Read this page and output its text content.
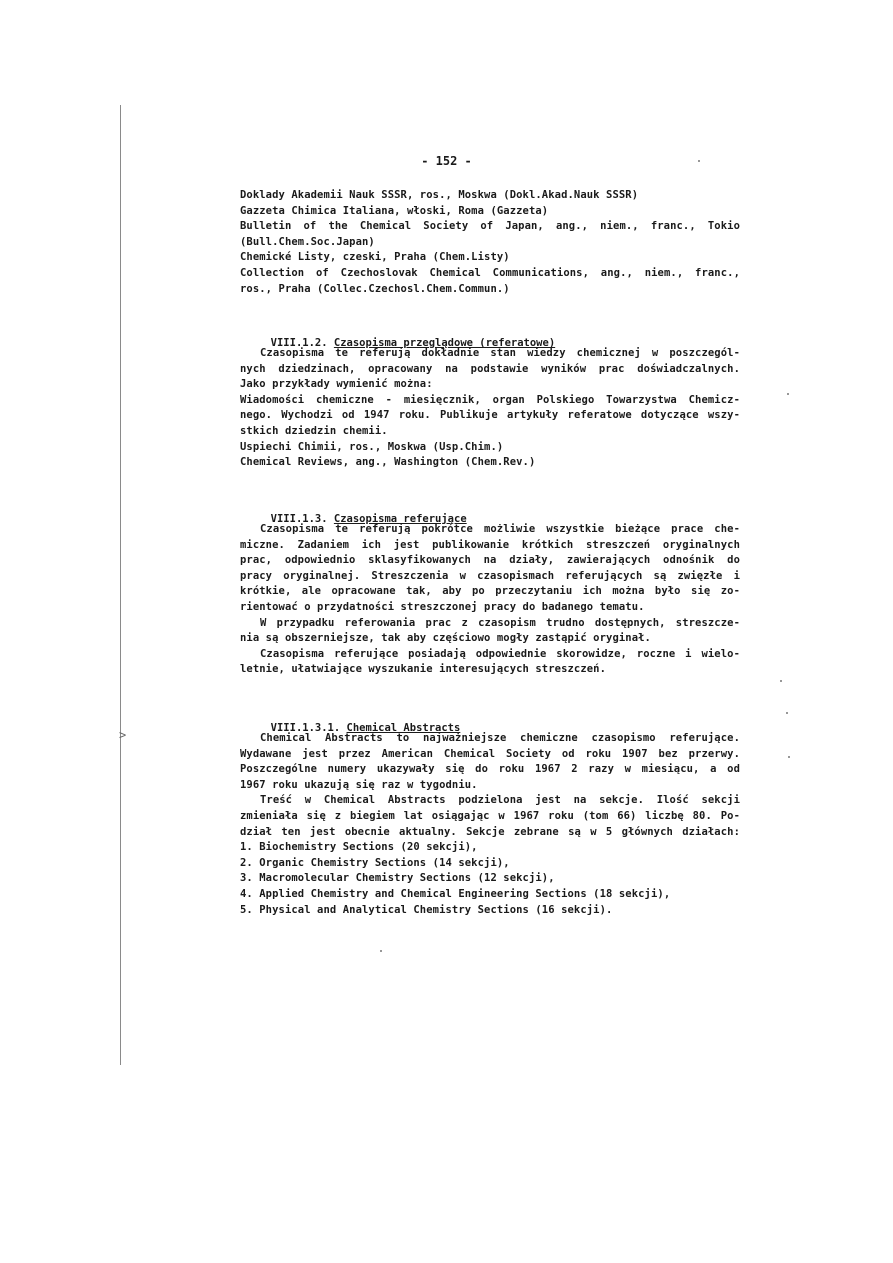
>
- 152 -
Doklady Akademii Nauk SSSR, ros., Moskwa (Dokl.Akad.Nauk SSSR)
Gazzeta Chimica Italiana, włoski, Roma (Gazzeta)
Bulletin of the Chemical Society of Japan, ang., niem., franc., Tokio
(Bull.Chem.Soc.Japan)
Chemické Listy, czeski, Praha (Chem.Listy)
Collection of Czechoslovak Chemical Communications, ang., niem., franc.,
ros., Praha (Collec.Czechosl.Chem.Commun.)

VIII.1.2. Czasopisma przeglądowe (referatowe)

Czasopisma te referują dokładnie stan wiedzy chemicznej w poszczegól-
nych dziedzinach, opracowany na podstawie wyników prac doświadczalnych.
Jako przykłady wymienić można:
Wiadomości chemiczne - miesięcznik, organ Polskiego Towarzystwa Chemicz-
nego. Wychodzi od 1947 roku. Publikuje artykuły referatowe dotyczące wszy-
stkich dziedzin chemii.
Uspiechi Chimii, ros., Moskwa (Usp.Chim.)
Chemical Reviews, ang., Washington (Chem.Rev.)

VIII.1.3. Czasopisma referujące

Czasopisma te referują pokrótce możliwie wszystkie bieżące prace che-
miczne. Zadaniem ich jest publikowanie krótkich streszczeń oryginalnych
prac, odpowiednio sklasyfikowanych na działy, zawierających odnośnik do
pracy oryginalnej. Streszczenia w czasopismach referujących są zwięzłe i
krótkie, ale opracowane tak, aby po przeczytaniu ich można było się zo-
rientować o przydatności streszczonej pracy do badanego tematu.
W przypadku referowania prac z czasopism trudno dostępnych, streszcze-
nia są obszerniejsze, tak aby częściowo mogły zastąpić oryginał.
Czasopisma referujące posiadają odpowiednie skorowidze, roczne i wielo-
letnie, ułatwiające wyszukanie interesujących streszczeń.

VIII.1.3.1. Chemical Abstracts

Chemical Abstracts to najważniejsze chemiczne czasopismo referujące.
Wydawane jest przez American Chemical Society od roku 1907 bez przerwy.
Poszczególne numery ukazywały się do roku 1967 2 razy w miesiącu, a od
1967 roku ukazują się raz w tygodniu.
Treść w Chemical Abstracts podzielona jest na sekcje. Ilość sekcji
zmieniała się z biegiem lat osiągając w 1967 roku (tom 66) liczbę 80. Po-
dział ten jest obecnie aktualny. Sekcje zebrane są w 5 głównych działach:
1. Biochemistry Sections (20 sekcji),
2. Organic Chemistry Sections (14 sekcji),
3. Macromolecular Chemistry Sections (12 sekcji),
4. Applied Chemistry and Chemical Engineering Sections (18 sekcji),
5. Physical and Analytical Chemistry Sections (16 sekcji).
